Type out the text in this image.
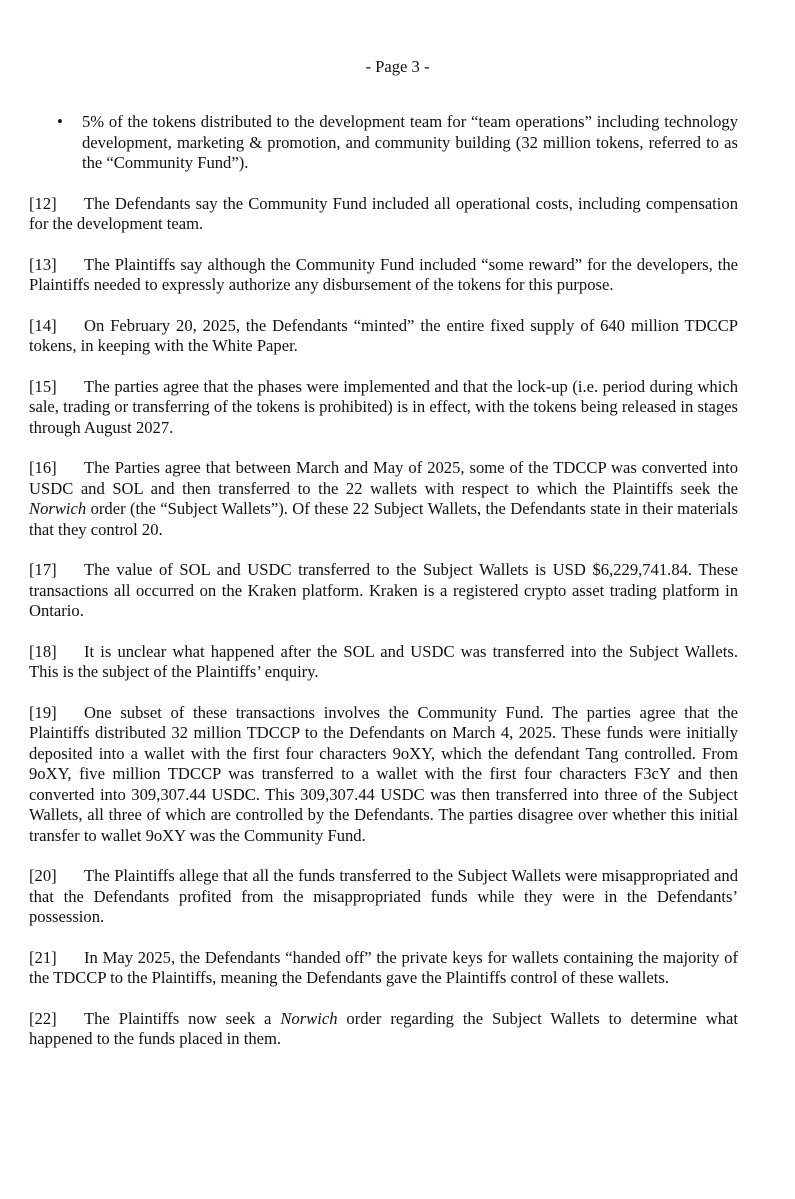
- Page 3 -
• 5% of the tokens distributed to the development team for “team operations” including technology development, marketing & promotion, and community building (32 million tokens, referred to as the “Community Fund”).

[12] The Defendants say the Community Fund included all operational costs, including compensation for the development team.

[13] The Plaintiffs say although the Community Fund included “some reward” for the developers, the Plaintiffs needed to expressly authorize any disbursement of the tokens for this purpose.

[14] On February 20, 2025, the Defendants “minted” the entire fixed supply of 640 million TDCCP tokens, in keeping with the White Paper.

[15] The parties agree that the phases were implemented and that the lock-up (i.e. period during which sale, trading or transferring of the tokens is prohibited) is in effect, with the tokens being released in stages through August 2027.

[16] The Parties agree that between March and May of 2025, some of the TDCCP was converted into USDC and SOL and then transferred to the 22 wallets with respect to which the Plaintiffs seek the Norwich order (the “Subject Wallets”). Of these 22 Subject Wallets, the Defendants state in their materials that they control 20.

[17] The value of SOL and USDC transferred to the Subject Wallets is USD $6,229,741.84. These transactions all occurred on the Kraken platform. Kraken is a registered crypto asset trading platform in Ontario.

[18] It is unclear what happened after the SOL and USDC was transferred into the Subject Wallets. This is the subject of the Plaintiffs’ enquiry.

[19] One subset of these transactions involves the Community Fund. The parties agree that the Plaintiffs distributed 32 million TDCCP to the Defendants on March 4, 2025. These funds were initially deposited into a wallet with the first four characters 9oXY, which the defendant Tang controlled. From 9oXY, five million TDCCP was transferred to a wallet with the first four characters F3cY and then converted into 309,307.44 USDC. This 309,307.44 USDC was then transferred into three of the Subject Wallets, all three of which are controlled by the Defendants. The parties disagree over whether this initial transfer to wallet 9oXY was the Community Fund.

[20] The Plaintiffs allege that all the funds transferred to the Subject Wallets were misappropriated and that the Defendants profited from the misappropriated funds while they were in the Defendants’ possession.

[21] In May 2025, the Defendants “handed off” the private keys for wallets containing the majority of the TDCCP to the Plaintiffs, meaning the Defendants gave the Plaintiffs control of these wallets.

[22] The Plaintiffs now seek a Norwich order regarding the Subject Wallets to determine what happened to the funds placed in them.
